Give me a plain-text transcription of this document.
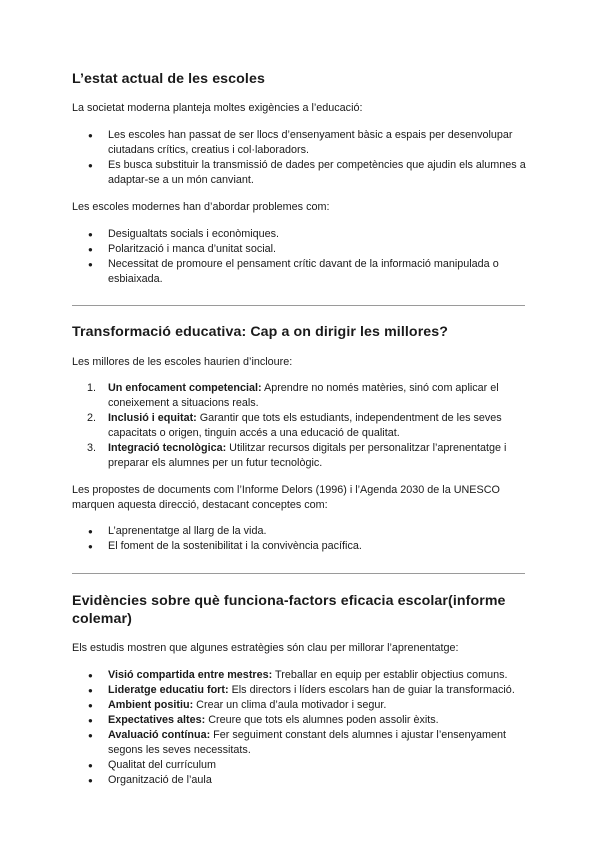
L’estat actual de les escoles

La societat moderna planteja moltes exigències a l’educació:

● Les escoles han passat de ser llocs d’ensenyament bàsic a espais per desenvolupar ciutadans crítics, creatius i col·laboradors.
● Es busca substituir la transmissió de dades per competències que ajudin els alumnes a adaptar-se a un món canviant.

Les escoles modernes han d’abordar problemes com:

● Desigualtats socials i econòmiques.
● Polarització i manca d’unitat social.
● Necessitat de promoure el pensament crític davant de la informació manipulada o esbiaixada.
Transformació educativa: Cap a on dirigir les millores?

Les millores de les escoles haurien d’incloure:

1. Un enfocament competencial: Aprendre no només matèries, sinó com aplicar el coneixement a situacions reals.
2. Inclusió i equitat: Garantir que tots els estudiants, independentment de les seves capacitats o origen, tinguin accés a una educació de qualitat.
3. Integració tecnològica: Utilitzar recursos digitals per personalitzar l’aprenentatge i preparar els alumnes per un futur tecnològic.

Les propostes de documents com l’Informe Delors (1996) i l’Agenda 2030 de la UNESCO marquen aquesta direcció, destacant conceptes com:

● L’aprenentatge al llarg de la vida.
● El foment de la sostenibilitat i la convivència pacífica.
Evidències sobre què funciona-factors eficacia escolar(informe colemar)

Els estudis mostren que algunes estratègies són clau per millorar l’aprenentatge:

● Visió compartida entre mestres: Treballar en equip per establir objectius comuns.
● Lideratge educatiu fort: Els directors i líders escolars han de guiar la transformació.
● Ambient positiu: Crear un clima d’aula motivador i segur.
● Expectatives altes: Creure que tots els alumnes poden assolir èxits.
● Avaluació contínua: Fer seguiment constant dels alumnes i ajustar l’ensenyament segons les seves necessitats.
● Qualitat del currículum
● Organització de l’aula
